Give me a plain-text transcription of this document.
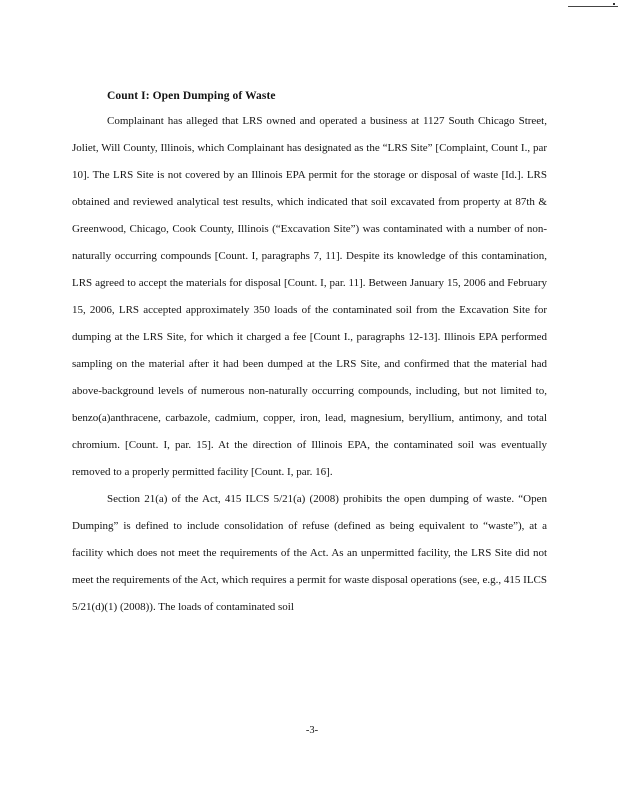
Count I: Open Dumping of Waste

Complainant has alleged that LRS owned and operated a business at 1127 South Chicago Street, Joliet, Will County, Illinois, which Complainant has designated as the “LRS Site” [Complaint, Count I., par 10]. The LRS Site is not covered by an Illinois EPA permit for the storage or disposal of waste [Id.]. LRS obtained and reviewed analytical test results, which indicated that soil excavated from property at 87th & Greenwood, Chicago, Cook County, Illinois (“Excavation Site”) was contaminated with a number of non-naturally occurring compounds [Count. I, paragraphs 7, 11]. Despite its knowledge of this contamination, LRS agreed to accept the materials for disposal [Count. I, par. 11]. Between January 15, 2006 and February 15, 2006, LRS accepted approximately 350 loads of the contaminated soil from the Excavation Site for dumping at the LRS Site, for which it charged a fee [Count I., paragraphs 12-13]. Illinois EPA performed sampling on the material after it had been dumped at the LRS Site, and confirmed that the material had above-background levels of numerous non-naturally occurring compounds, including, but not limited to, benzo(a)anthracene, carbazole, cadmium, copper, iron, lead, magnesium, beryllium, antimony, and total chromium. [Count. I, par. 15]. At the direction of Illinois EPA, the contaminated soil was eventually removed to a properly permitted facility [Count. I, par. 16].

Section 21(a) of the Act, 415 ILCS 5/21(a) (2008) prohibits the open dumping of waste. “Open Dumping” is defined to include consolidation of refuse (defined as being equivalent to “waste”), at a facility which does not meet the requirements of the Act. As an unpermitted facility, the LRS Site did not meet the requirements of the Act, which requires a permit for waste disposal operations (see, e.g., 415 ILCS 5/21(d)(1) (2008)). The loads of contaminated soil

-3-
